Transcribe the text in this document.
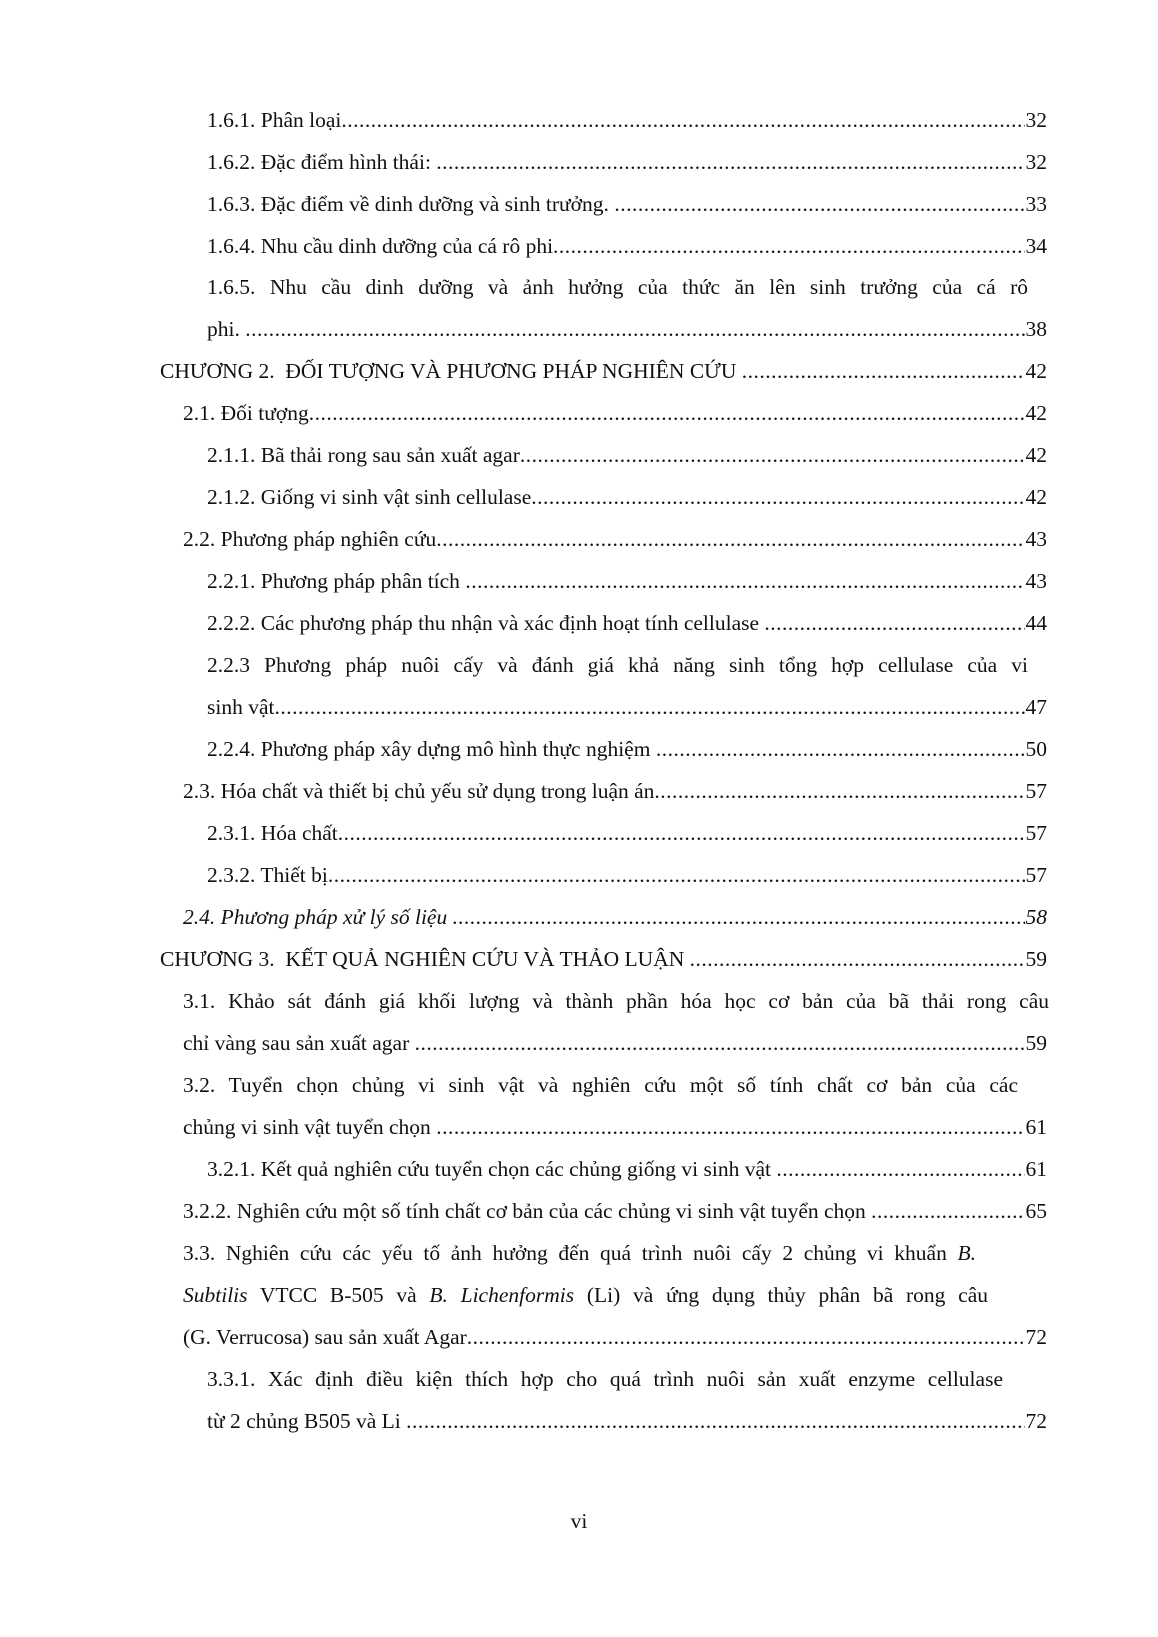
1.6.1. Phân loại .....	32
1.6.2. Đặc điểm hình thái: .....	32
1.6.3. Đặc điểm về dinh dưỡng và sinh trưởng. .....	33
1.6.4. Nhu cầu dinh dưỡng của cá rô phi .....	34
1.6.5. Nhu cầu dinh dưỡng và ảnh hưởng của thức ăn lên sinh trưởng của cá rô
phi. .....	38
CHƯƠNG 2.  ĐỐI TƯỢNG VÀ PHƯƠNG PHÁP NGHIÊN CỨU .....	42
2.1. Đối tượng .....	42
2.1.1. Bã thải rong sau sản xuất agar .....	42
2.1.2. Giống vi sinh vật sinh cellulase .....	42
2.2. Phương pháp nghiên cứu .....	43
2.2.1. Phương pháp phân tích .....	43
2.2.2. Các phương pháp thu nhận và xác định hoạt tính cellulase .....	44
2.2.3 Phương pháp nuôi cấy và đánh giá khả năng sinh tổng hợp cellulase của vi
sinh vật .....	47
2.2.4. Phương pháp xây dựng mô hình thực nghiệm .....	50
2.3. Hóa chất và thiết bị chủ yếu sử dụng trong luận án .....	57
2.3.1. Hóa chất .....	57
2.3.2. Thiết bị .....	57
2.4. Phương pháp xử lý số liệu .....	58
CHƯƠNG 3.  KẾT QUẢ NGHIÊN CỨU VÀ THẢO LUẬN .....	59
3.1. Khảo sát đánh giá khối lượng và thành phần hóa học cơ bản của bã thải rong câu
chỉ vàng sau sản xuất agar .....	59
3.2. Tuyển chọn chủng vi sinh vật và nghiên cứu một số tính chất cơ bản của các
chủng vi sinh vật tuyển chọn .....	61
3.2.1. Kết quả nghiên cứu tuyển chọn các chủng giống vi sinh vật .....	61
3.2.2. Nghiên cứu một số tính chất cơ bản của các chủng vi sinh vật tuyển chọn .....	65
3.3. Nghiên cứu các yếu tố ảnh hưởng đến quá trình nuôi cấy 2 chủng vi khuẩn B.
Subtilis VTCC B-505 và B. Lichenformis (Li) và ứng dụng thủy phân bã rong câu
(G. Verrucosa) sau sản xuất Agar .....	72
3.3.1. Xác định điều kiện thích hợp cho quá trình nuôi sản xuất enzyme cellulase
từ 2 chủng B505 và Li .....	72
vi
